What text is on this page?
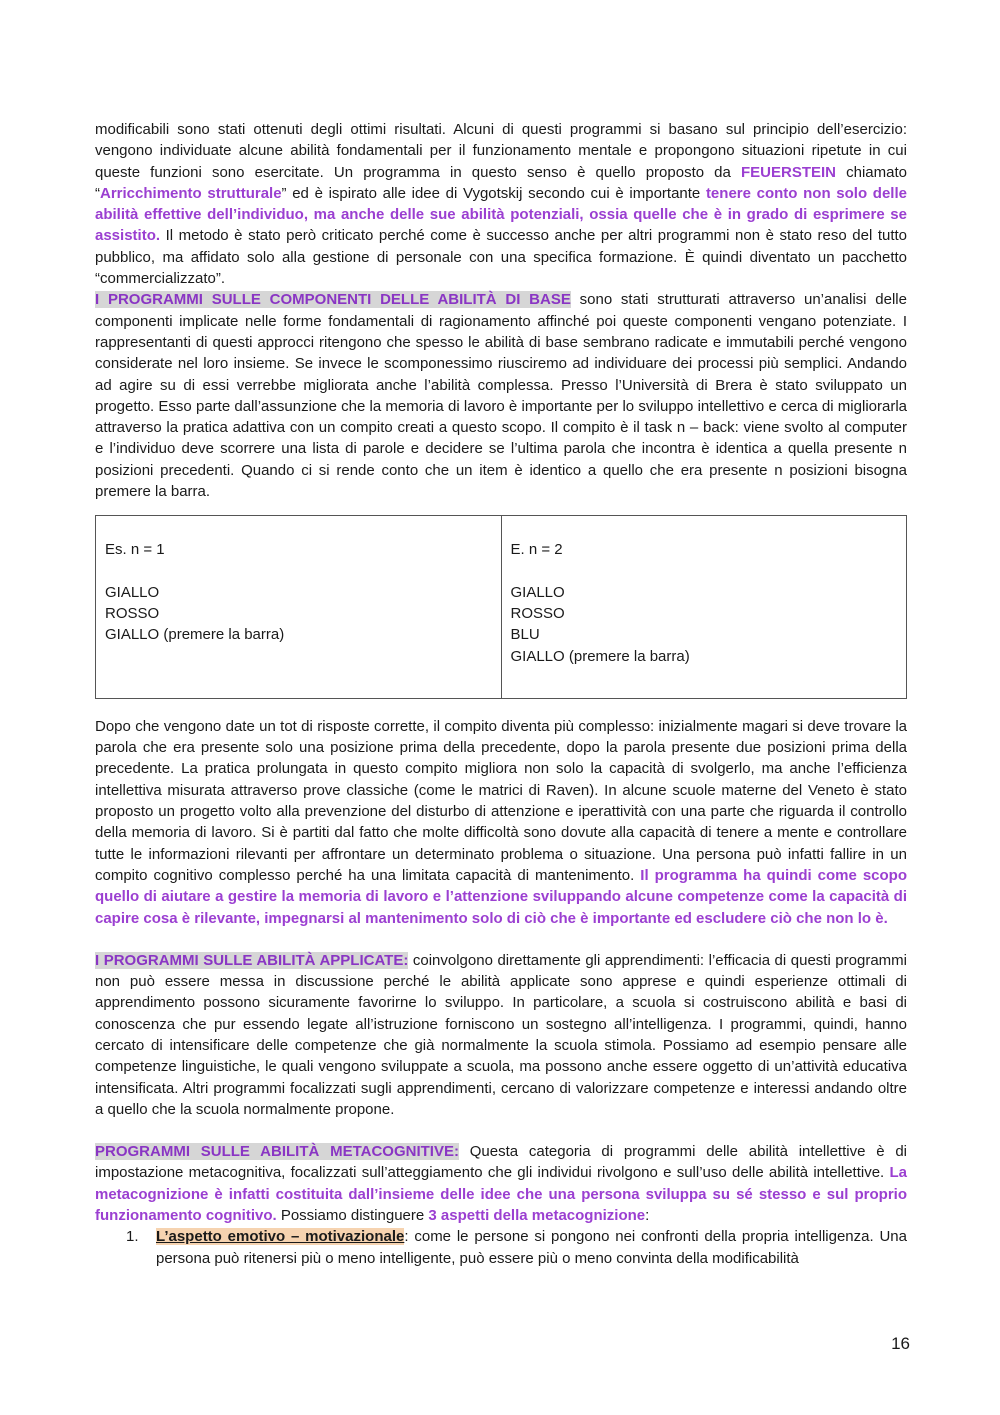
modificabili sono stati ottenuti degli ottimi risultati. Alcuni di questi programmi si basano sul principio dell’esercizio: vengono individuate alcune abilità fondamentali per il funzionamento mentale e propongono situazioni ripetute in cui queste funzioni sono esercitate. Un programma in questo senso è quello proposto da FEUERSTEIN chiamato “Arricchimento strutturale” ed è ispirato alle idee di Vygotskij secondo cui è importante tenere conto non solo delle abilità effettive dell’individuo, ma anche delle sue abilità potenziali, ossia quelle che è in grado di esprimere se assistito. Il metodo è stato però criticato perché come è successo anche per altri programmi non è stato reso del tutto pubblico, ma affidato solo alla gestione di personale con una specifica formazione. È quindi diventato un pacchetto “commercializzato”.

I PROGRAMMI SULLE COMPONENTI DELLE ABILITÀ DI BASE sono stati strutturati attraverso un’analisi delle componenti implicate nelle forme fondamentali di ragionamento affinché poi queste componenti vengano potenziate. I rappresentanti di questi approcci ritengono che spesso le abilità di base sembrano radicate e immutabili perché vengono considerate nel loro insieme. Se invece le scomponessimo riusciremo ad individuare dei processi più semplici. Andando ad agire su di essi verrebbe migliorata anche l’abilità complessa. Presso l’Università di Brera è stato sviluppato un progetto. Esso parte dall’assunzione che la memoria di lavoro è importante per lo sviluppo intellettivo e cerca di migliorarla attraverso la pratica adattiva con un compito creati a questo scopo. Il compito è il task n – back: viene svolto al computer e l’individuo deve scorrere una lista di parole e decidere se l’ultima parola che incontra è identica a quella presente n posizioni precedenti. Quando ci si rende conto che un item è identico a quello che era presente n posizioni bisogna premere la barra.

Es. n = 1
GIALLO
ROSSO
GIALLO (premere la barra)

E. n = 2
GIALLO
ROSSO
BLU
GIALLO (premere la barra)

Dopo che vengono date un tot di risposte corrette, il compito diventa più complesso: inizialmente magari si deve trovare la parola che era presente solo una posizione prima della precedente, dopo la parola presente due posizioni prima della precedente. La pratica prolungata in questo compito migliora non solo la capacità di svolgerlo, ma anche l’efficienza intellettiva misurata attraverso prove classiche (come le matrici di Raven). In alcune scuole materne del Veneto è stato proposto un progetto volto alla prevenzione del disturbo di attenzione e iperattività con una parte che riguarda il controllo della memoria di lavoro. Si è partiti dal fatto che molte difficoltà sono dovute alla capacità di tenere a mente e controllare tutte le informazioni rilevanti per affrontare un determinato problema o situazione. Una persona può infatti fallire in un compito cognitivo complesso perché ha una limitata capacità di mantenimento. Il programma ha quindi come scopo quello di aiutare a gestire la memoria di lavoro e l’attenzione sviluppando alcune competenze come la capacità di capire cosa è rilevante, impegnarsi al mantenimento solo di ciò che è importante ed escludere ciò che non lo è.

I PROGRAMMI SULLE ABILITÀ APPLICATE: coinvolgono direttamente gli apprendimenti: l’efficacia di questi programmi non può essere messa in discussione perché le abilità applicate sono apprese e quindi esperienze ottimali di apprendimento possono sicuramente favorirne lo sviluppo. In particolare, a scuola si costruiscono abilità e basi di conoscenza che pur essendo legate all’istruzione forniscono un sostegno all’intelligenza. I programmi, quindi, hanno cercato di intensificare delle competenze che già normalmente la scuola stimola. Possiamo ad esempio pensare alle competenze linguistiche, le quali vengono sviluppate a scuola, ma possono anche essere oggetto di un’attività educativa intensificata. Altri programmi focalizzati sugli apprendimenti, cercano di valorizzare competenze e interessi andando oltre a quello che la scuola normalmente propone.

PROGRAMMI SULLE ABILITÀ METACOGNITIVE: Questa categoria di programmi delle abilità intellettive è di impostazione metacognitiva, focalizzati sull’atteggiamento che gli individui rivolgono e sull’uso delle abilità intellettive. La metacognizione è infatti costituita dall’insieme delle idee che una persona sviluppa su sé stesso e sul proprio funzionamento cognitivo. Possiamo distinguere 3 aspetti della metacognizione:

1. L’aspetto emotivo – motivazionale: come le persone si pongono nei confronti della propria intelligenza. Una persona può ritenersi più o meno intelligente, può essere più o meno convinta della modificabilità
16
